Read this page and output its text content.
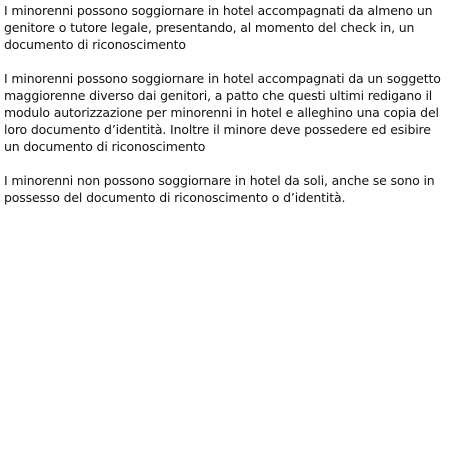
I minorenni possono soggiornare in hotel accompagnati da almeno un genitore o tutore legale, presentando, al momento del check in, un documento di riconoscimento

I minorenni possono soggiornare in hotel accompagnati da un soggetto maggiorenne diverso dai genitori, a patto che questi ultimi redigano il modulo autorizzazione per minorenni in hotel e alleghino una copia del loro documento d’identità. Inoltre il minore deve possedere ed esibire un documento di riconoscimento

I minorenni non possono soggiornare in hotel da soli, anche se sono in possesso del documento di riconoscimento o d’identità.
